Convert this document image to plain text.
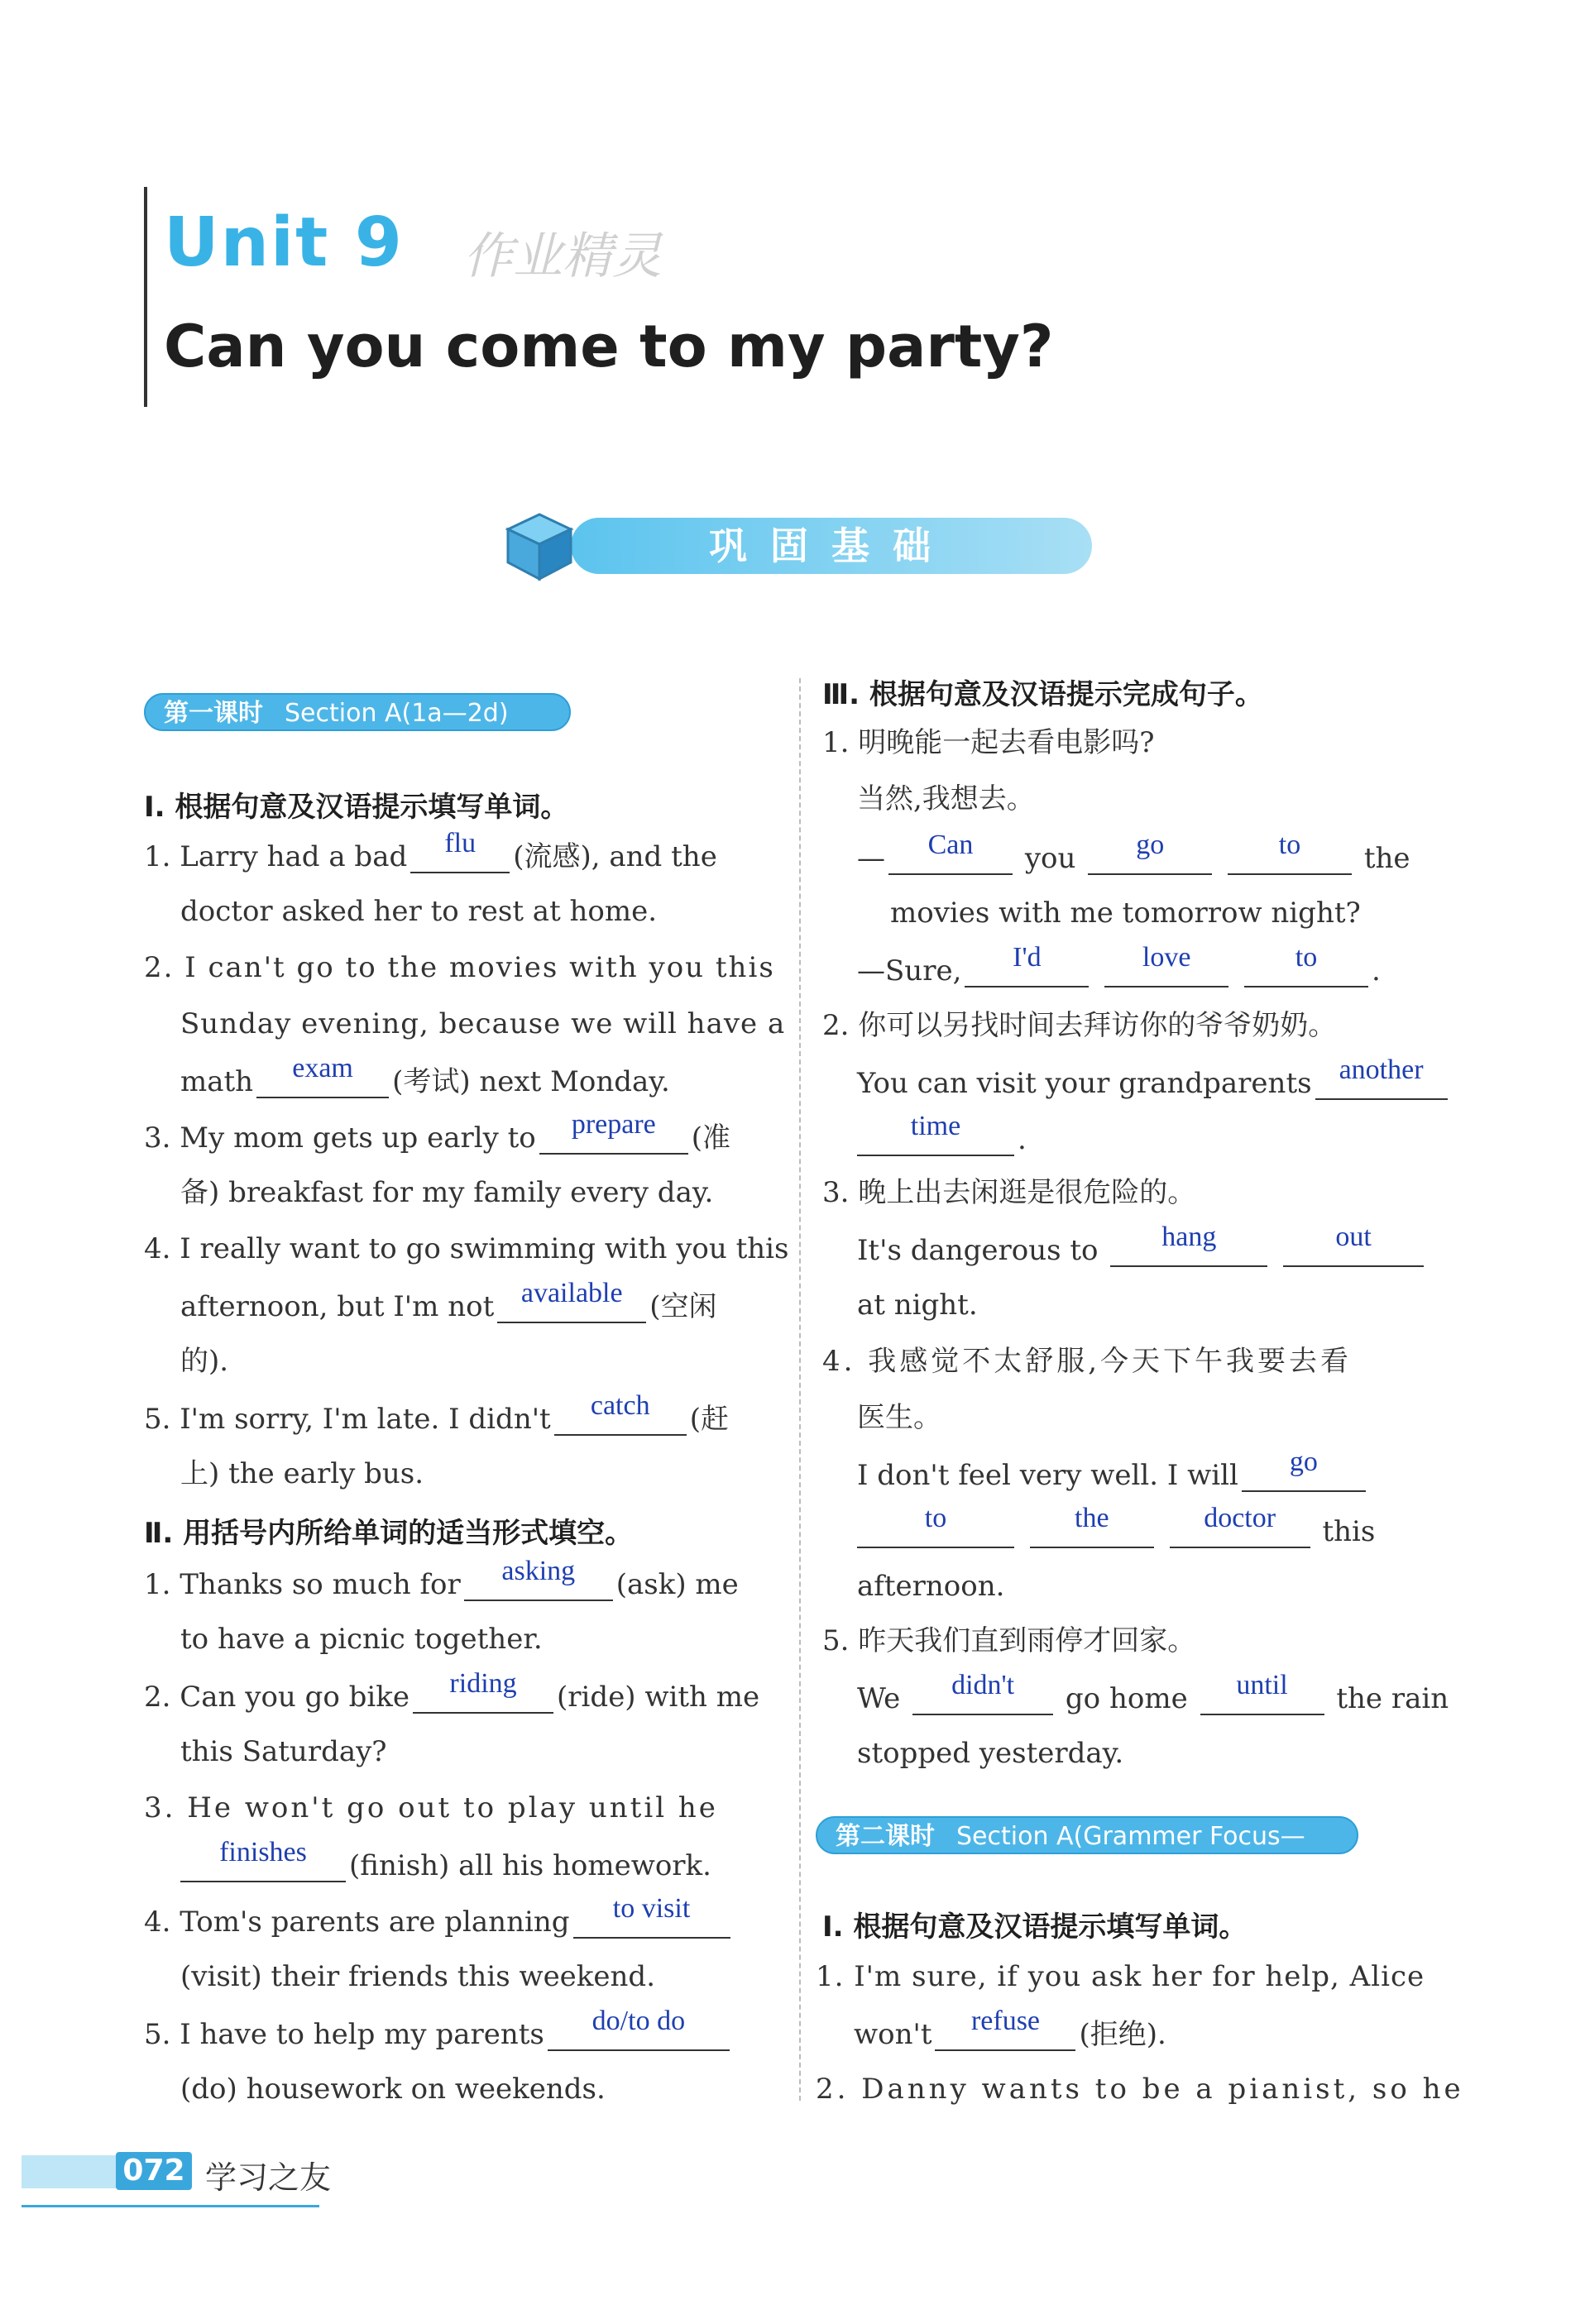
Unit 9 作业精灵
Can you come to my party?
巩固基础
第一课时 Section A(1a—2d)
Ⅰ. 根据句意及汉语提示填写单词。
1. Larry had a bad	flu	(流感), and the
doctor asked her to rest at home.
2. I can't go to the movies with you this
Sunday evening, because we will have a
math	exam	(考试) next Monday.
3. My mom gets up early to	prepare	(准
备) breakfast for my family every day.
4. I really want to go swimming with you this
afternoon, but I'm not available (空闲
的).
5. I'm sorry, I'm late. I didn't	catch	(赶
上) the early bus.
Ⅱ. 用括号内所给单词的适当形式填空。
1. Thanks so much for	asking	(ask) me
to have a picnic together.
2. Can you go bike	riding	(ride) with me
this Saturday?
3. He won't go out to play until he
finishes	(finish) all his homework.
4. Tom's parents are planning	to visit
(visit) their friends this weekend.
5. I have to help my parents	do/to do
(do) housework on weekends.
Ⅲ. 根据句意及汉语提示完成句子。
1. 明晚能一起去看电影吗?
当然,我想去。
—	Can	you	go
	to	the
movies with me tomorrow night?
—Sure,	I'd
	love
	to	.
2. 你可以另找时间去拜访你的爷爷奶奶。
You can visit your grandparents another
time	.
3. 晚上出去闲逛是很危险的。
It's dangerous to	hang
	out
at night.
4. 我感觉不太舒服,今天下午我要去看
医生。
I don't feel very well. I will	go
to
	the
	doctor	this
afternoon.
5. 昨天我们直到雨停才回家。
We	didn't	go home	until	the rain
stopped yesterday.
第二课时 Section A(Grammer Focus—3c)
Ⅰ. 根据句意及汉语提示填写单词。
1. I'm sure, if you ask her for help, Alice
won't	refuse	(拒绝).
2. Danny wants to be a pianist, so he
072 学习之友
